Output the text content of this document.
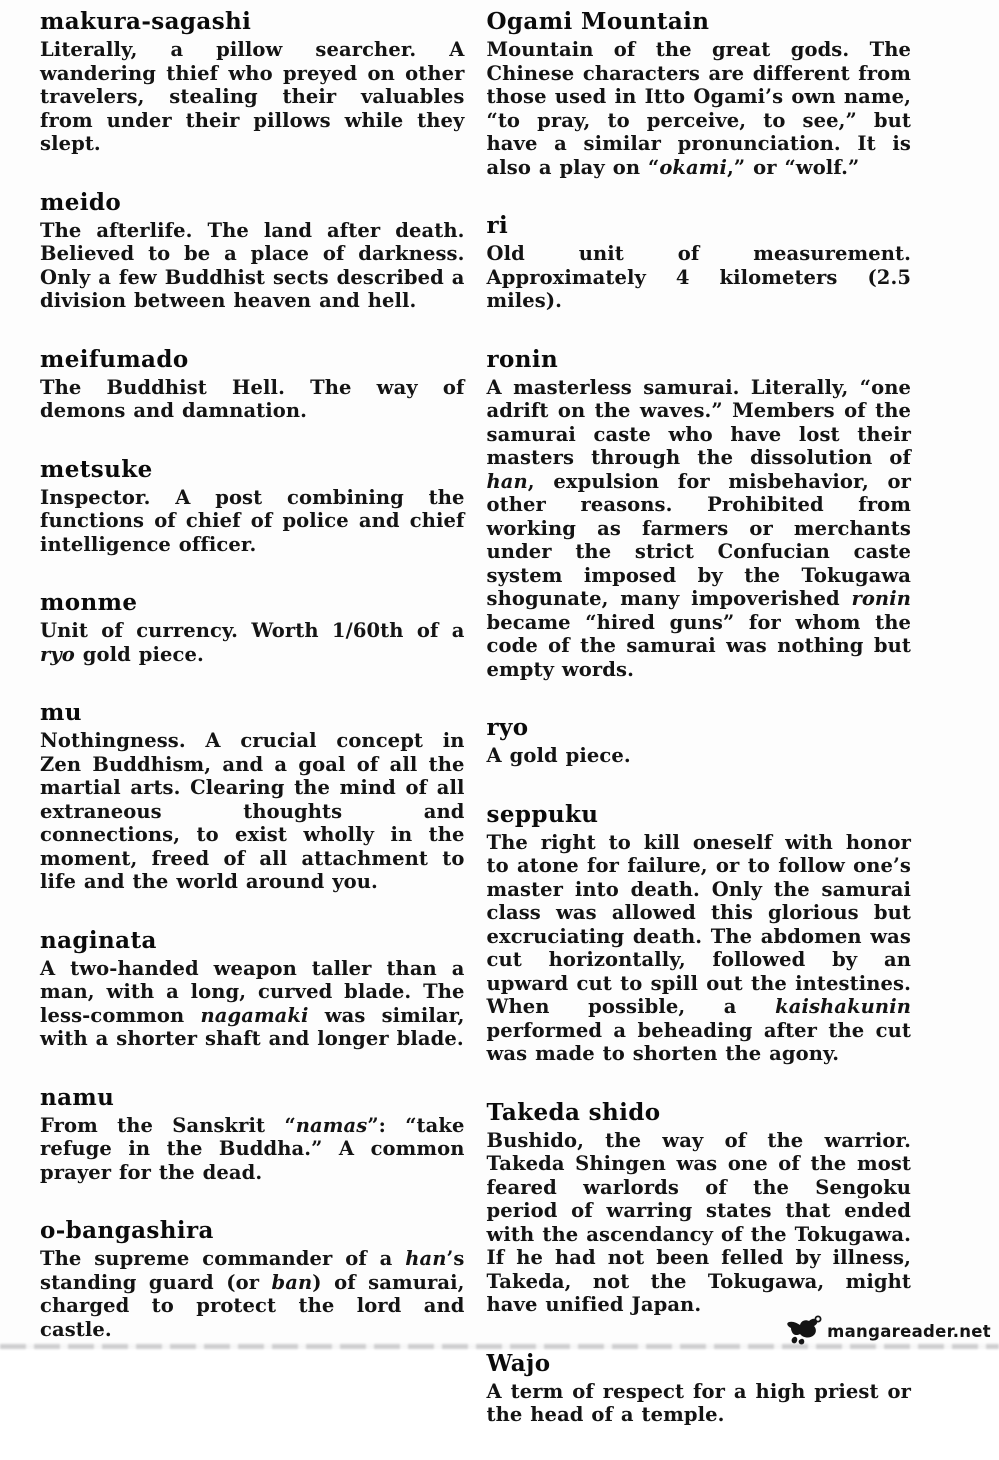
makura-sagashi
Literally, a pillow searcher. A wandering thief who preyed on other travelers, stealing their valuables from under their pillows while they slept.
meido
The afterlife. The land after death. Believed to be a place of darkness. Only a few Buddhist sects described a division between heaven and hell.
meifumado
The Buddhist Hell. The way of demons and damnation.
metsuke
Inspector. A post combining the functions of chief of police and chief intelligence officer.
monme
Unit of currency. Worth 1/60th of a ryo gold piece.
mu
Nothingness. A crucial concept in Zen Buddhism, and a goal of all the martial arts. Clearing the mind of all extraneous thoughts and connections, to exist wholly in the moment, freed of all attachment to life and the world around you.
naginata
A two-handed weapon taller than a man, with a long, curved blade. The less-common nagamaki was similar, with a shorter shaft and longer blade.
namu
From the Sanskrit “namas”: “take refuge in the Buddha.” A common prayer for the dead.
o-bangashira
The supreme commander of a han’s standing guard (or ban) of samurai, charged to protect the lord and castle.
Ogami Mountain
Mountain of the great gods. The Chinese characters are different from those used in Itto Ogami’s own name, “to pray, to perceive, to see,” but have a similar pronunciation. It is also a play on “okami,” or “wolf.”
ri
Old unit of measurement. Approximately 4 kilometers (2.5 miles).
ronin
A masterless samurai. Literally, “one adrift on the waves.” Members of the samurai caste who have lost their masters through the dissolution of han, expulsion for misbehavior, or other reasons. Prohibited from working as farmers or merchants under the strict Confucian caste system imposed by the Tokugawa shogunate, many impoverished ronin became “hired guns” for whom the code of the samurai was nothing but empty words.
ryo
A gold piece.
seppuku
The right to kill oneself with honor to atone for failure, or to follow one’s master into death. Only the samurai class was allowed this glorious but excruciating death. The abdomen was cut horizontally, followed by an upward cut to spill out the intestines. When possible, a kaishakunin performed a beheading after the cut was made to shorten the agony.
Takeda shido
Bushido, the way of the warrior. Takeda Shingen was one of the most feared warlords of the Sengoku period of warring states that ended with the ascendancy of the Tokugawa. If he had not been felled by illness, Takeda, not the Tokugawa, might have unified Japan.
Wajo
A term of respect for a high priest or the head of a temple.
mangareader.net
